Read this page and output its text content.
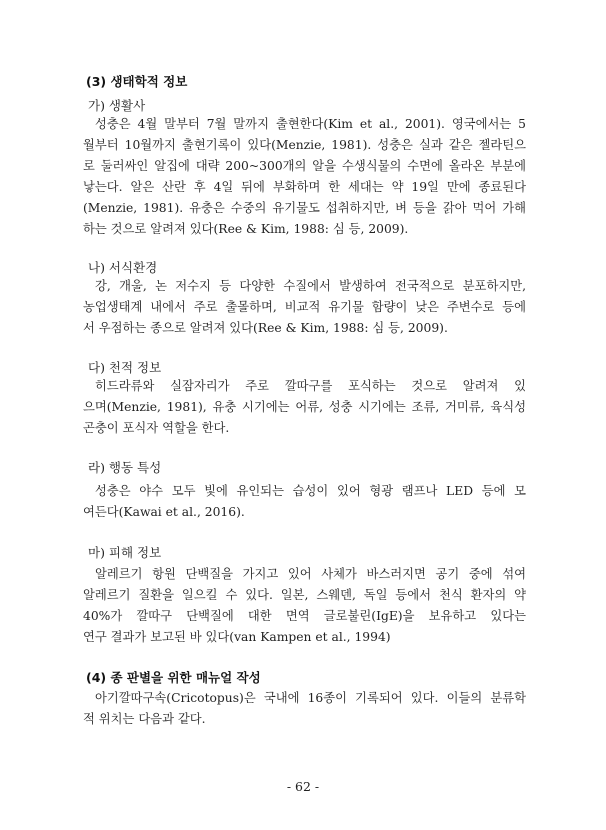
(3) 생태학적 정보
가) 생활사
성충은 4월 말부터 7월 말까지 출현한다(Kim et al., 2001). 영국에서는 5
월부터 10월까지 출현기록이 있다(Menzie, 1981). 성충은 실과 같은 젤라틴으
로 둘러싸인 알집에 대략 200~300개의 알을 수생식물의 수면에 올라온 부분에
낳는다. 알은 산란 후 4일 뒤에 부화하며 한 세대는 약 19일 만에 종료된다
(Menzie, 1981). 유충은 수중의 유기물도 섭취하지만, 벼 등을 갉아 먹어 가해
하는 것으로 알려져 있다(Ree & Kim, 1988: 심 등, 2009).
나) 서식환경
강, 개울, 논 저수지 등 다양한 수질에서 발생하여 전국적으로 분포하지만,
농업생태계 내에서 주로 출몰하며, 비교적 유기물 함량이 낮은 주변수로 등에
서 우점하는 종으로 알려져 있다(Ree & Kim, 1988: 심 등, 2009).
다) 천적 정보
히드라류와 실잠자리가 주로 깔따구를 포식하는 것으로 알려져 있
으며(Menzie, 1981), 유충 시기에는 어류, 성충 시기에는 조류, 거미류, 육식성
곤충이 포식자 역할을 한다.
라) 행동 특성
성충은 야수 모두 빛에 유인되는 습성이 있어 형광 램프나 LED 등에 모
여든다(Kawai et al., 2016).
마) 피해 정보
알레르기 항원 단백질을 가지고 있어 사체가 바스러지면 공기 중에 섞여
알레르기 질환을 일으킬 수 있다. 일본, 스웨덴, 독일 등에서 천식 환자의 약
40%가 깔따구 단백질에 대한 면역 글로불린(IgE)을 보유하고 있다는
연구 결과가 보고된 바 있다(van Kampen et al., 1994)
(4) 종 판별을 위한 매뉴얼 작성
아기깔따구속(Cricotopus)은 국내에 16종이 기록되어 있다. 이들의 분류학
적 위치는 다음과 같다.
- 62 -
